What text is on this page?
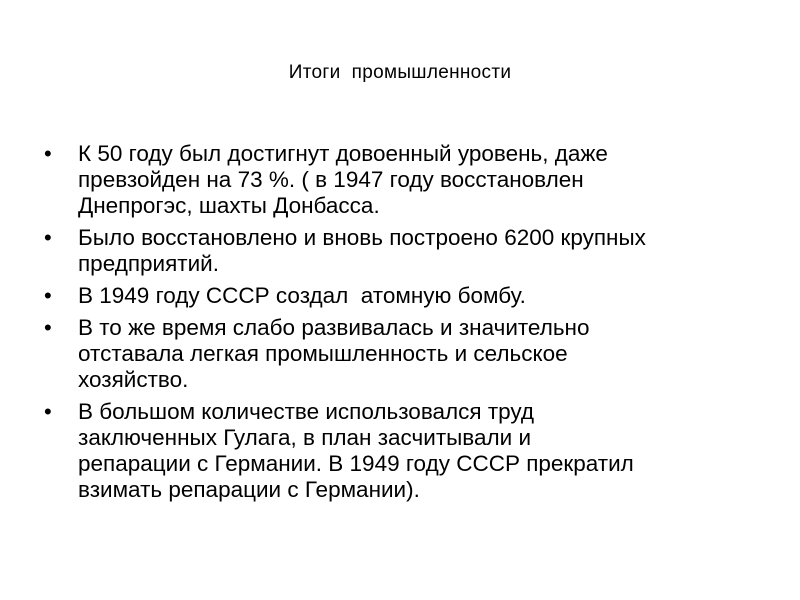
Итоги  промышленности
• К 50 году был достигнут довоенный уровень, даже
превзойден на 73 %. ( в 1947 году восстановлен
Днепрогэс, шахты Донбасса.
• Было восстановлено и вновь построено 6200 крупных
предприятий.
• В 1949 году СССР создал  атомную бомбу.
• В то же время слабо развивалась и значительно
отставала легкая промышленность и сельское
хозяйство.
• В большом количестве использовался труд
заключенных Гулага, в план засчитывали и
репарации с Германии. В 1949 году СССР прекратил
взимать репарации с Германии).
